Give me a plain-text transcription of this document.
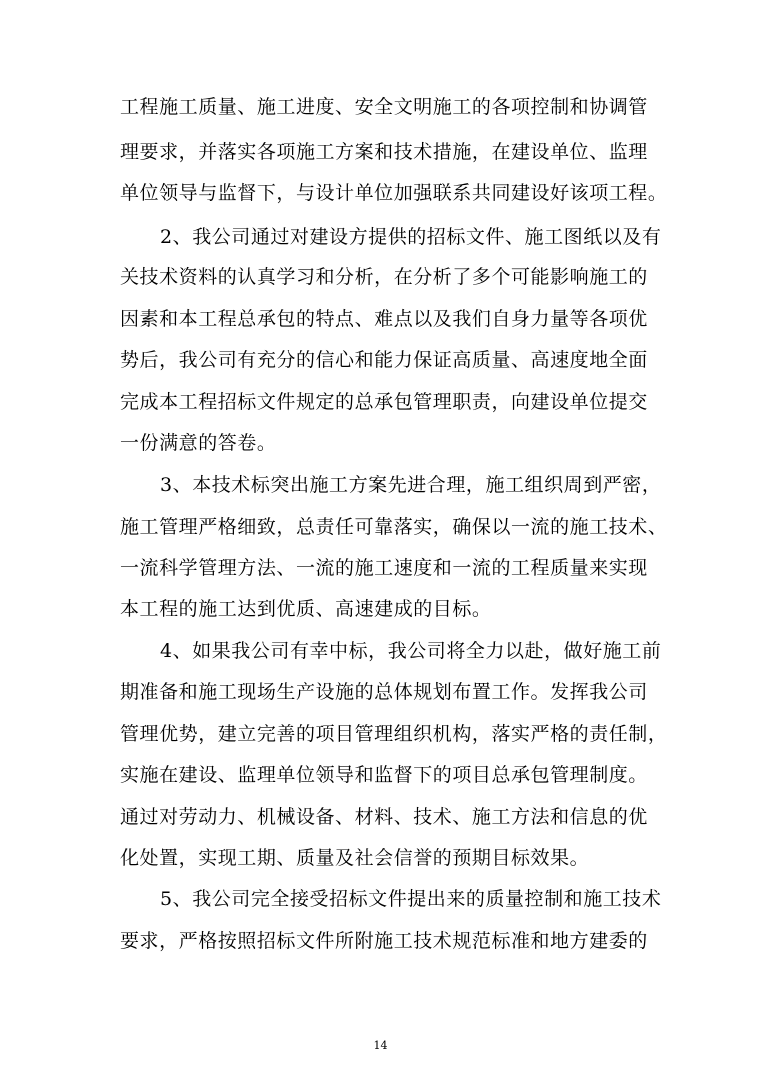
工程施工质量、施工进度、安全文明施工的各项控制和协调管
理要求，并落实各项施工方案和技术措施，在建设单位、监理
单位领导与监督下，与设计单位加强联系共同建设好该项工程。
2、我公司通过对建设方提供的招标文件、施工图纸以及有
关技术资料的认真学习和分析，在分析了多个可能影响施工的
因素和本工程总承包的特点、难点以及我们自身力量等各项优
势后，我公司有充分的信心和能力保证高质量、高速度地全面
完成本工程招标文件规定的总承包管理职责，向建设单位提交
一份满意的答卷。
3、本技术标突出施工方案先进合理，施工组织周到严密，
施工管理严格细致，总责任可靠落实，确保以一流的施工技术、
一流科学管理方法、一流的施工速度和一流的工程质量来实现
本工程的施工达到优质、高速建成的目标。
4、如果我公司有幸中标，我公司将全力以赴，做好施工前
期准备和施工现场生产设施的总体规划布置工作。发挥我公司
管理优势，建立完善的项目管理组织机构，落实严格的责任制，
实施在建设、监理单位领导和监督下的项目总承包管理制度。
通过对劳动力、机械设备、材料、技术、施工方法和信息的优
化处置，实现工期、质量及社会信誉的预期目标效果。
5、我公司完全接受招标文件提出来的质量控制和施工技术
要求，严格按照招标文件所附施工技术规范标准和地方建委的
14
